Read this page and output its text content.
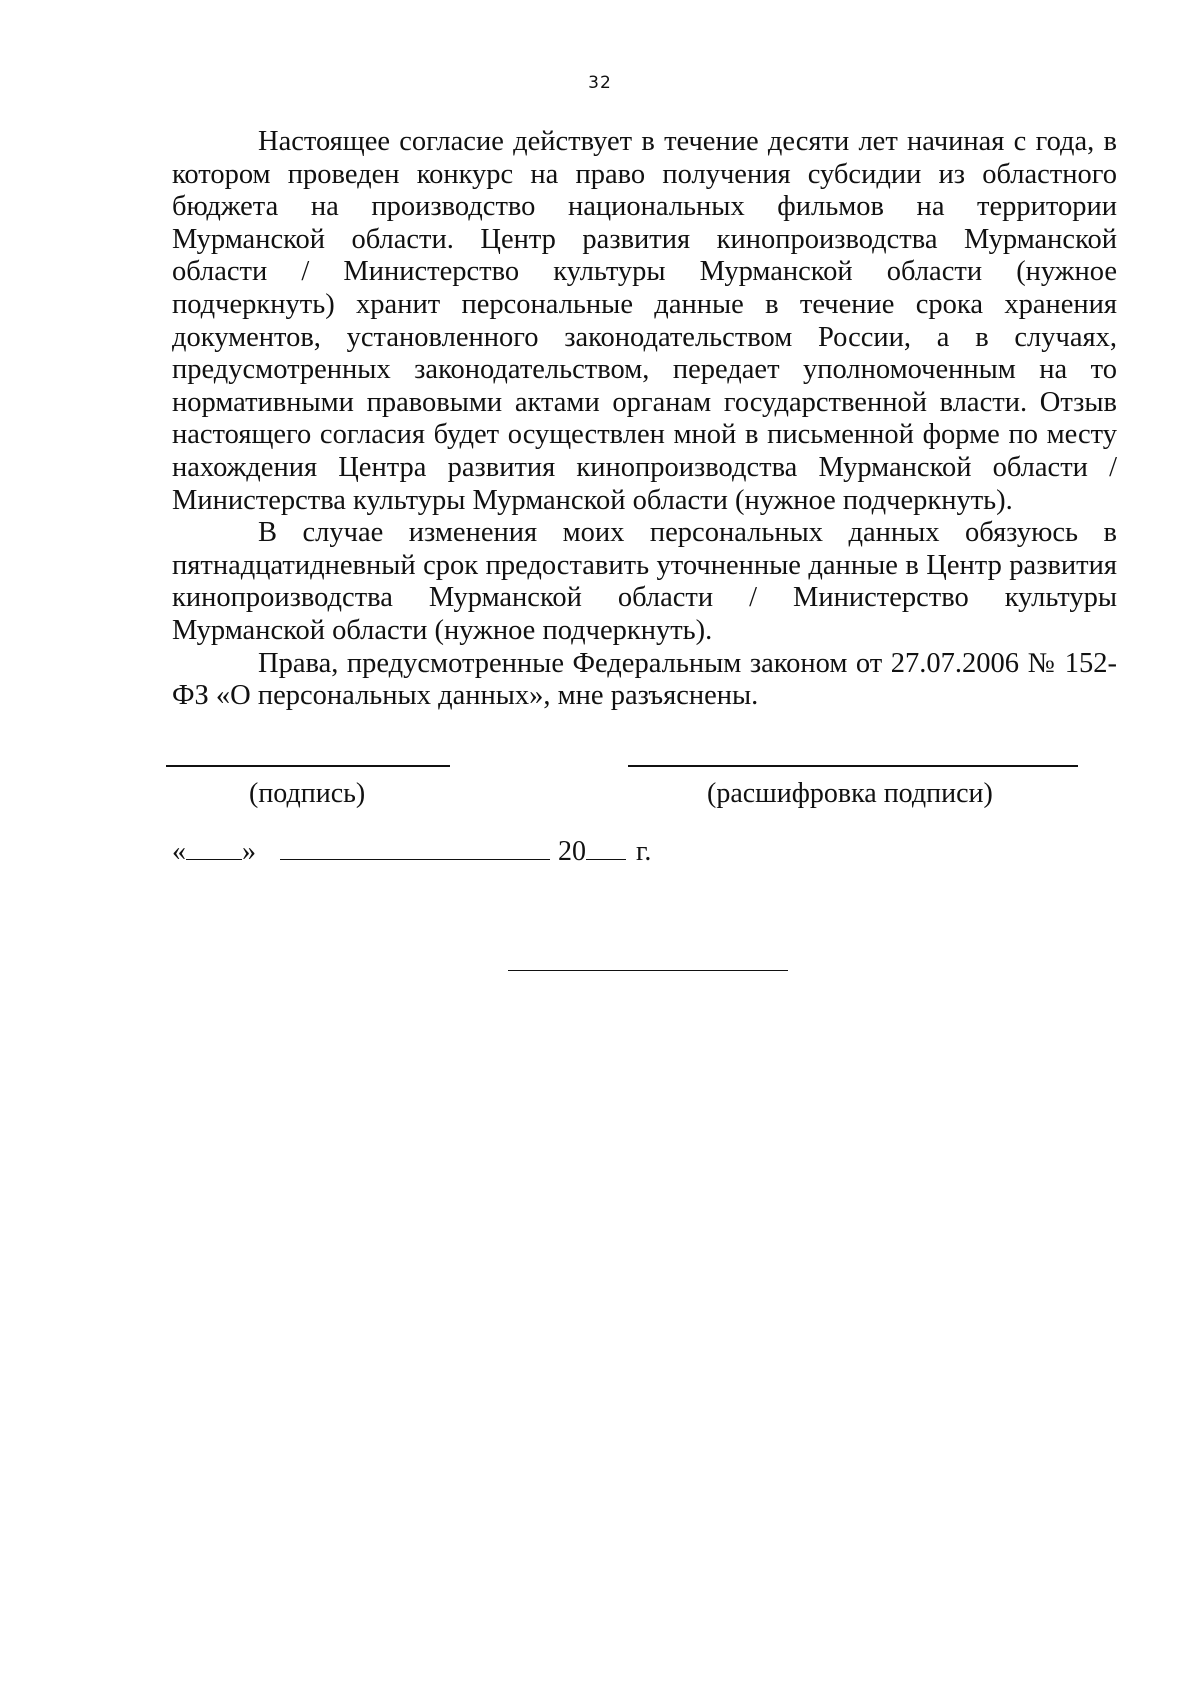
32

Настоящее согласие действует в течение десяти лет начиная с года, в котором проведен конкурс на право получения субсидии из областного бюджета на производство национальных фильмов на территории Мурманской области. Центр развития кинопроизводства Мурманской области / Министерство культуры Мурманской области (нужное подчеркнуть) хранит персональные данные в течение срока хранения документов, установленного законодательством России, а в случаях, предусмотренных законодательством, передает уполномоченным на то нормативными правовыми актами органам государственной власти. Отзыв настоящего согласия будет осуществлен мной в письменной форме по месту нахождения Центра развития кинопроизводства Мурманской области / Министерства культуры Мурманской области (нужное подчеркнуть).

В случае изменения моих персональных данных обязуюсь в пятнадцатидневный срок предоставить уточненные данные в Центр развития кинопроизводства Мурманской области / Министерство культуры Мурманской области (нужное подчеркнуть).

Права, предусмотренные Федеральным законом от 27.07.2006 № 152-ФЗ «О персональных данных», мне разъяснены.

(подпись)	(расшифровка подписи)
« »	20 г.
